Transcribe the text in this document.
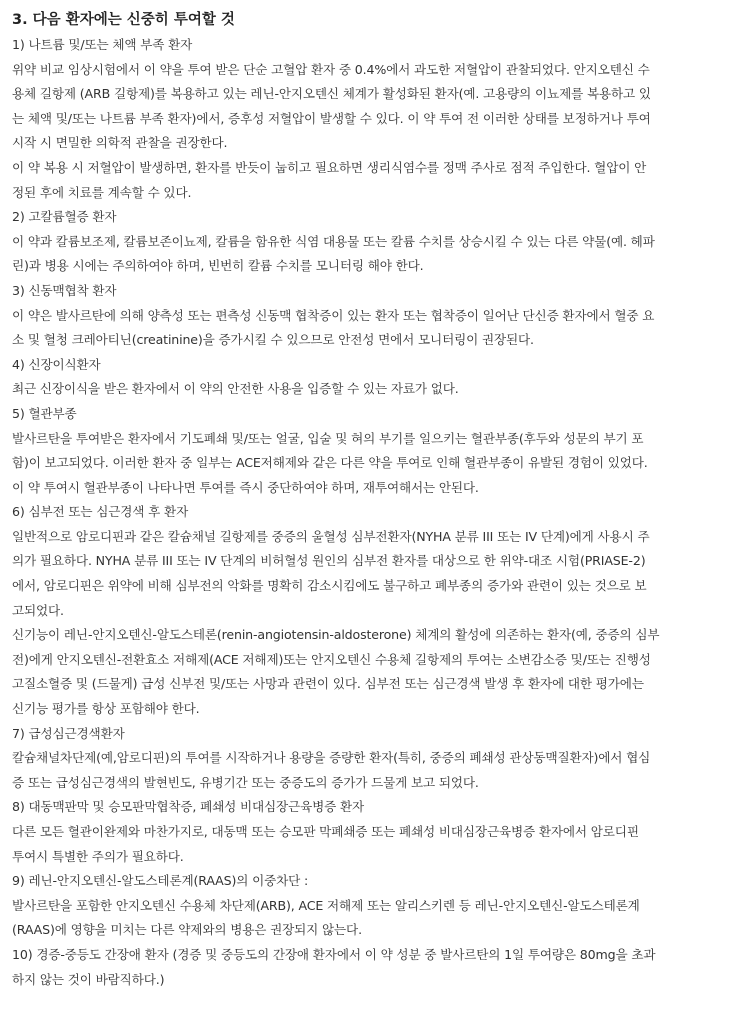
3. 다음 환자에는 신중히 투여할 것
1) 나트륨 및/또는 체액 부족 환자
위약 비교 임상시험에서 이 약을 투여 받은 단순 고혈압 환자 중 0.4%에서 과도한 저혈압이 관찰되었다. 안지오텐신 수
용체 길항제 (ARB 길항제)를 복용하고 있는 레닌-안지오텐신 체계가 활성화된 환자(예. 고용량의 이뇨제를 복용하고 있
는 체액 및/또는 나트륨 부족 환자)에서, 증후성 저혈압이 발생할 수 있다. 이 약 투여 전 이러한 상태를 보정하거나 투여
시작 시 면밀한 의학적 관찰을 권장한다.
이 약 복용 시 저혈압이 발생하면, 환자를 반듯이 눕히고 필요하면 생리식염수를 정맥 주사로 점적 주입한다. 혈압이 안
정된 후에 치료를 계속할 수 있다.
2) 고칼륨혈증 환자
이 약과 칼륨보조제, 칼륨보존이뇨제, 칼륨을 함유한 식염 대용물 또는 칼륨 수치를 상승시킬 수 있는 다른 약물(예. 헤파
린)과 병용 시에는 주의하여야 하며, 빈번히 칼륨 수치를 모니터링 해야 한다.
3) 신동맥협착 환자
이 약은 발사르탄에 의해 양측성 또는 편측성 신동맥 협착증이 있는 환자 또는 협착증이 일어난 단신증 환자에서 혈중 요
소 및 혈청 크레아티닌(creatinine)을 증가시킬 수 있으므로 안전성 면에서 모니터링이 권장된다.
4) 신장이식환자
최근 신장이식을 받은 환자에서 이 약의 안전한 사용을 입증할 수 있는 자료가 없다.
5) 혈관부종
발사르탄을 투여받은 환자에서 기도폐쇄 및/또는 얼굴, 입술 및 혀의 부기를 일으키는 혈관부종(후두와 성문의 부기 포
함)이 보고되었다. 이러한 환자 중 일부는 ACE저해제와 같은 다른 약을 투여로 인해 혈관부종이 유발된 경험이 있었다.
이 약 투여시 혈관부종이 나타나면 투여를 즉시 중단하여야 하며, 재투여해서는 안된다.
6) 심부전 또는 심근경색 후 환자
일반적으로 암로디핀과 같은 칼슘채널 길항제를 중증의 울혈성 심부전환자(NYHA 분류 III 또는 IV 단계)에게 사용시 주
의가 필요하다. NYHA 분류 III 또는 IV 단계의 비허혈성 원인의 심부전 환자를 대상으로 한 위약-대조 시험(PRIASE-2)
에서, 암로디핀은 위약에 비해 심부전의 악화를 명확히 감소시킴에도 불구하고 폐부종의 증가와 관련이 있는 것으로 보
고되었다.
신기능이 레닌-안지오텐신-알도스테론(renin-angiotensin-aldosterone) 체계의 활성에 의존하는 환자(예, 중증의 심부
전)에게 안지오텐신-전환효소 저해제(ACE 저해제)또는 안지오텐신 수용체 길항제의 투여는 소변감소증 및/또는 진행성
고질소혈증 및 (드물게) 급성 신부전 및/또는 사망과 관련이 있다. 심부전 또는 심근경색 발생 후 환자에 대한 평가에는
신기능 평가를 항상 포함해야 한다.
7) 급성심근경색환자
칼슘채널차단제(예,암로디핀)의 투여를 시작하거나 용량을 증량한 환자(특히, 중증의 폐쇄성 관상동맥질환자)에서 협심
증 또는 급성심근경색의 발현빈도, 유병기간 또는 중증도의 증가가 드물게 보고 되었다.
8) 대동맥판막 및 승모판막협착증, 폐쇄성 비대심장근육병증 환자
다른 모든 혈관이완제와 마찬가지로, 대동맥 또는 승모판 막폐쇄증 또는 폐쇄성 비대심장근육병증 환자에서 암로디핀
투여시 특별한 주의가 필요하다.
9) 레닌-안지오텐신-알도스테론계(RAAS)의 이중차단 :
발사르탄을 포함한 안지오텐신 수용체 차단제(ARB), ACE 저해제 또는 알리스키렌 등 레닌-안지오텐신-알도스테론계
(RAAS)에 영향을 미치는 다른 약제와의 병용은 권장되지 않는다.
10) 경증-중등도 간장애 환자 (경증 및 중등도의 간장애 환자에서 이 약 성분 중 발사르탄의 1일 투여량은 80mg을 초과
하지 않는 것이 바람직하다.)
